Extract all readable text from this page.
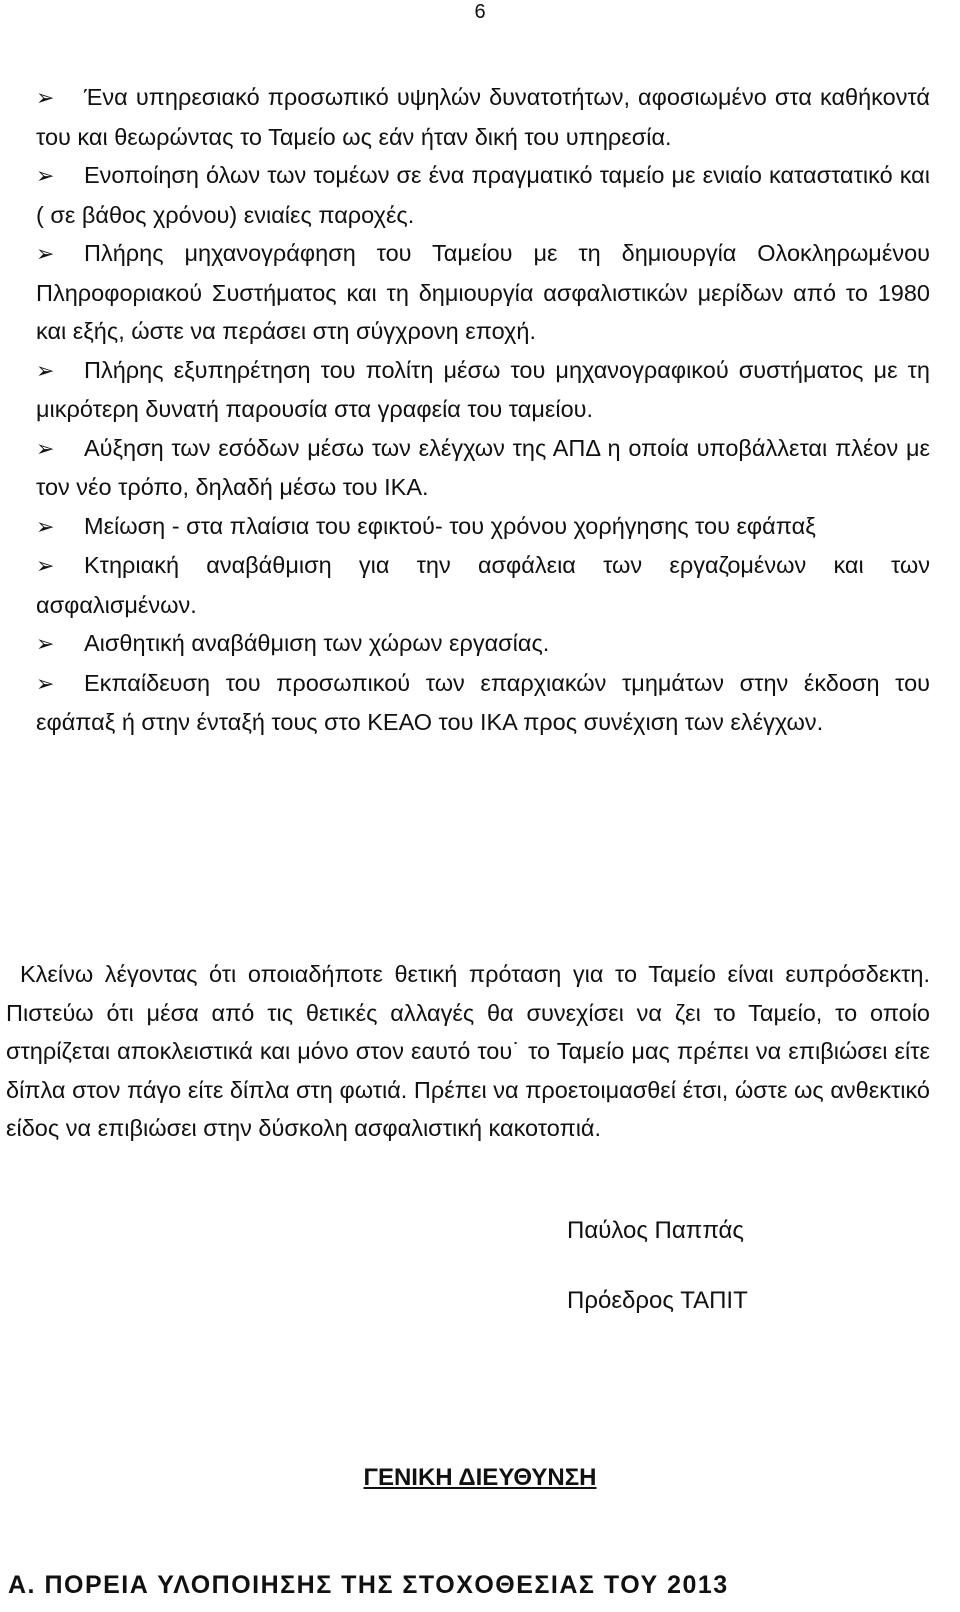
6
➢ Ένα υπηρεσιακό προσωπικό υψηλών δυνατοτήτων, αφοσιωμένο στα καθήκοντά του και θεωρώντας το Ταμείο ως εάν ήταν δική του υπηρεσία.
➢ Ενοποίηση όλων των τομέων σε ένα πραγματικό ταμείο με ενιαίο καταστατικό και ( σε βάθος χρόνου) ενιαίες παροχές.
➢ Πλήρης μηχανογράφηση του Ταμείου με τη δημιουργία Ολοκληρωμένου Πληροφοριακού Συστήματος και τη δημιουργία ασφαλιστικών μερίδων από το 1980 και εξής, ώστε να περάσει στη σύγχρονη εποχή.
➢ Πλήρης εξυπηρέτηση του πολίτη μέσω του μηχανογραφικού συστήματος με τη μικρότερη δυνατή παρουσία στα γραφεία του ταμείου.
➢ Αύξηση των εσόδων μέσω των ελέγχων της ΑΠΔ η οποία υποβάλλεται πλέον με τον νέο τρόπο, δηλαδή μέσω του ΙΚΑ.
➢ Μείωση - στα πλαίσια του εφικτού- του χρόνου χορήγησης του εφάπαξ
➢ Κτηριακή αναβάθμιση για την ασφάλεια των εργαζομένων και των ασφαλισμένων.
➢ Αισθητική αναβάθμιση των χώρων εργασίας.
➢ Εκπαίδευση του προσωπικού των επαρχιακών τμημάτων στην έκδοση του εφάπαξ ή στην ένταξή τους στο ΚΕΑΟ του ΙΚΑ προς συνέχιση των ελέγχων.

Κλείνω λέγοντας ότι οποιαδήποτε θετική πρόταση για το Ταμείο είναι ευπρόσδεκτη. Πιστεύω ότι μέσα από τις θετικές αλλαγές θα συνεχίσει να ζει το Ταμείο, το οποίο στηρίζεται αποκλειστικά και μόνο στον εαυτό του˙ το Ταμείο μας πρέπει να επιβιώσει είτε δίπλα στον πάγο είτε δίπλα στη φωτιά. Πρέπει να προετοιμασθεί έτσι, ώστε ως ανθεκτικό είδος να επιβιώσει στην δύσκολη ασφαλιστική κακοτοπιά.

Παύλος Παππάς

Πρόεδρος ΤΑΠΙΤ

ΓΕΝΙΚΗ ΔΙΕΥΘΥΝΣΗ
Α. ΠΟΡΕΙΑ ΥΛΟΠΟΙΗΣΗΣ ΤΗΣ ΣΤΟΧΟΘΕΣΙΑΣ ΤΟΥ 2013
